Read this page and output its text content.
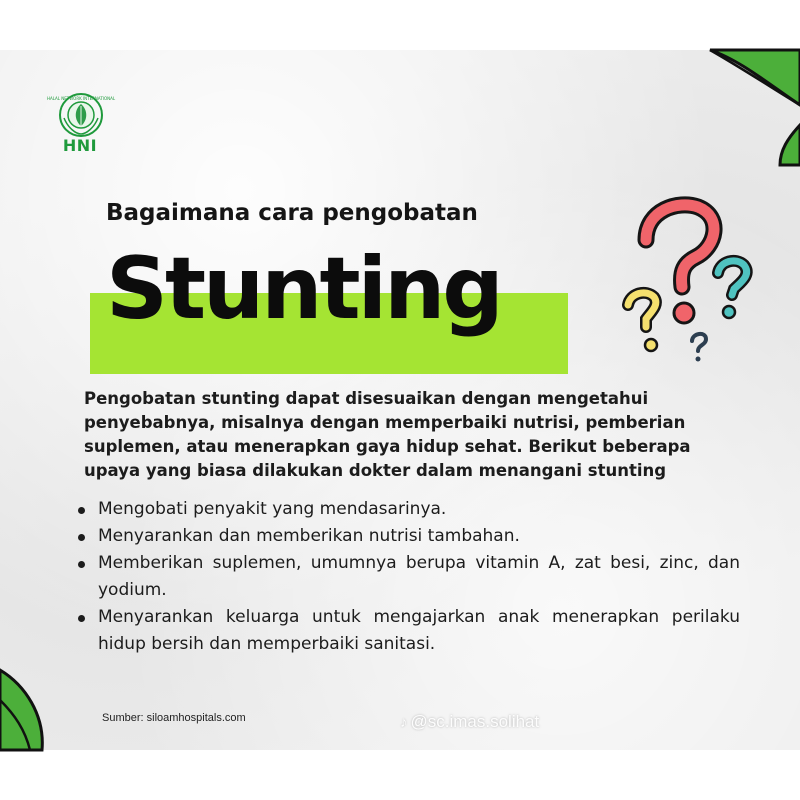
HALAL NETWORK INTERNATIONAL
HNI
Bagaimana cara pengobatan
Stunting
Pengobatan stunting dapat disesuaikan dengan mengetahui penyebabnya, misalnya dengan memperbaiki nutrisi, pemberian suplemen, atau menerapkan gaya hidup sehat. Berikut beberapa upaya yang biasa dilakukan dokter dalam menangani stunting
Mengobati penyakit yang mendasarinya.
Menyarankan dan memberikan nutrisi tambahan.
Memberikan suplemen, umumnya berupa vitamin A, zat besi, zinc, dan yodium.
Menyarankan keluarga untuk mengajarkan anak menerapkan perilaku hidup bersih dan memperbaiki sanitasi.
Sumber: siloamhospitals.com	♪ @sc.imas.solihat
